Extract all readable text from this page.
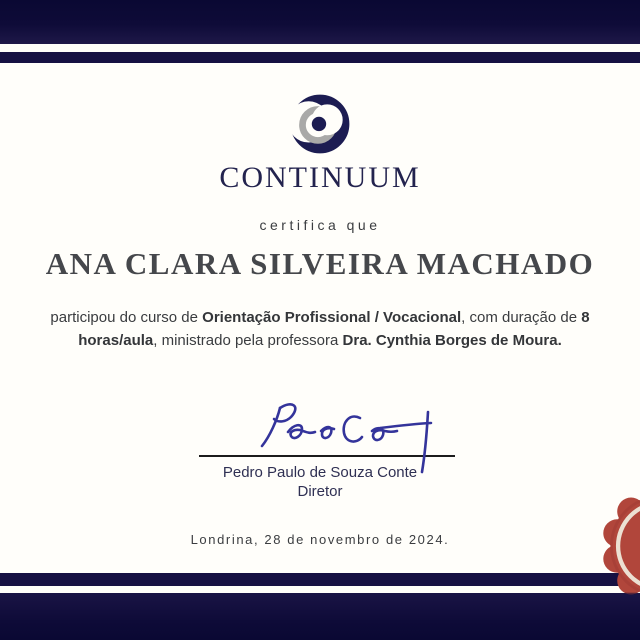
CONTINUUM
certifica que
ANA CLARA SILVEIRA MACHADO

participou do curso de Orientação Profissional / Vocacional, com duração de 8 horas/aula, ministrado pela professora Dra. Cynthia Borges de Moura.

Pedro Paulo de Souza Conte
Diretor
Londrina, 28 de novembro de 2024.
